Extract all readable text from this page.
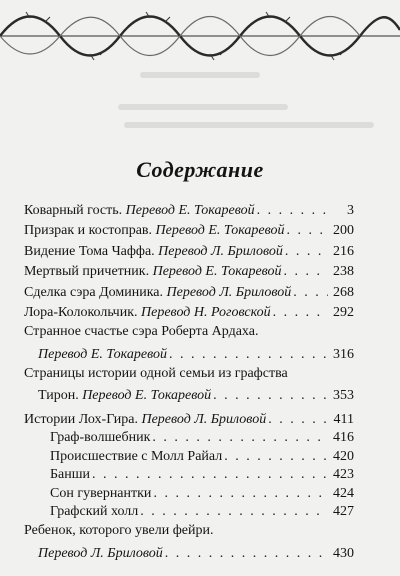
Содержание
Коварный гость. Перевод Е. Токаревой . . .	3
Призрак и костоправ. Перевод Е. Токаревой . . .	200
Видение Тома Чаффа. Перевод Л. Бриловой . . .	216
Мертвый причетник. Перевод Е. Токаревой . . .	238
Сделка сэра Доминика. Перевод Л. Бриловой . . .	268
Лора-Колокольчик. Перевод Н. Роговской . . .	292
Странное счастье сэра Роберта Ардаха.
Перевод Е. Токаревой . . .	316
Страницы истории одной семьи из графства
Тирон. Перевод Е. Токаревой . . .	353
Истории Лох-Гира. Перевод Л. Бриловой . . .	411
Граф-волшебник . . .	416
Происшествие с Молл Райал . . .	420
Банши . . .	423
Сон гувернантки . . .	424
Графский холл . . .	427
Ребенок, которого увели фейри.
Перевод Л. Бриловой . . .	430
